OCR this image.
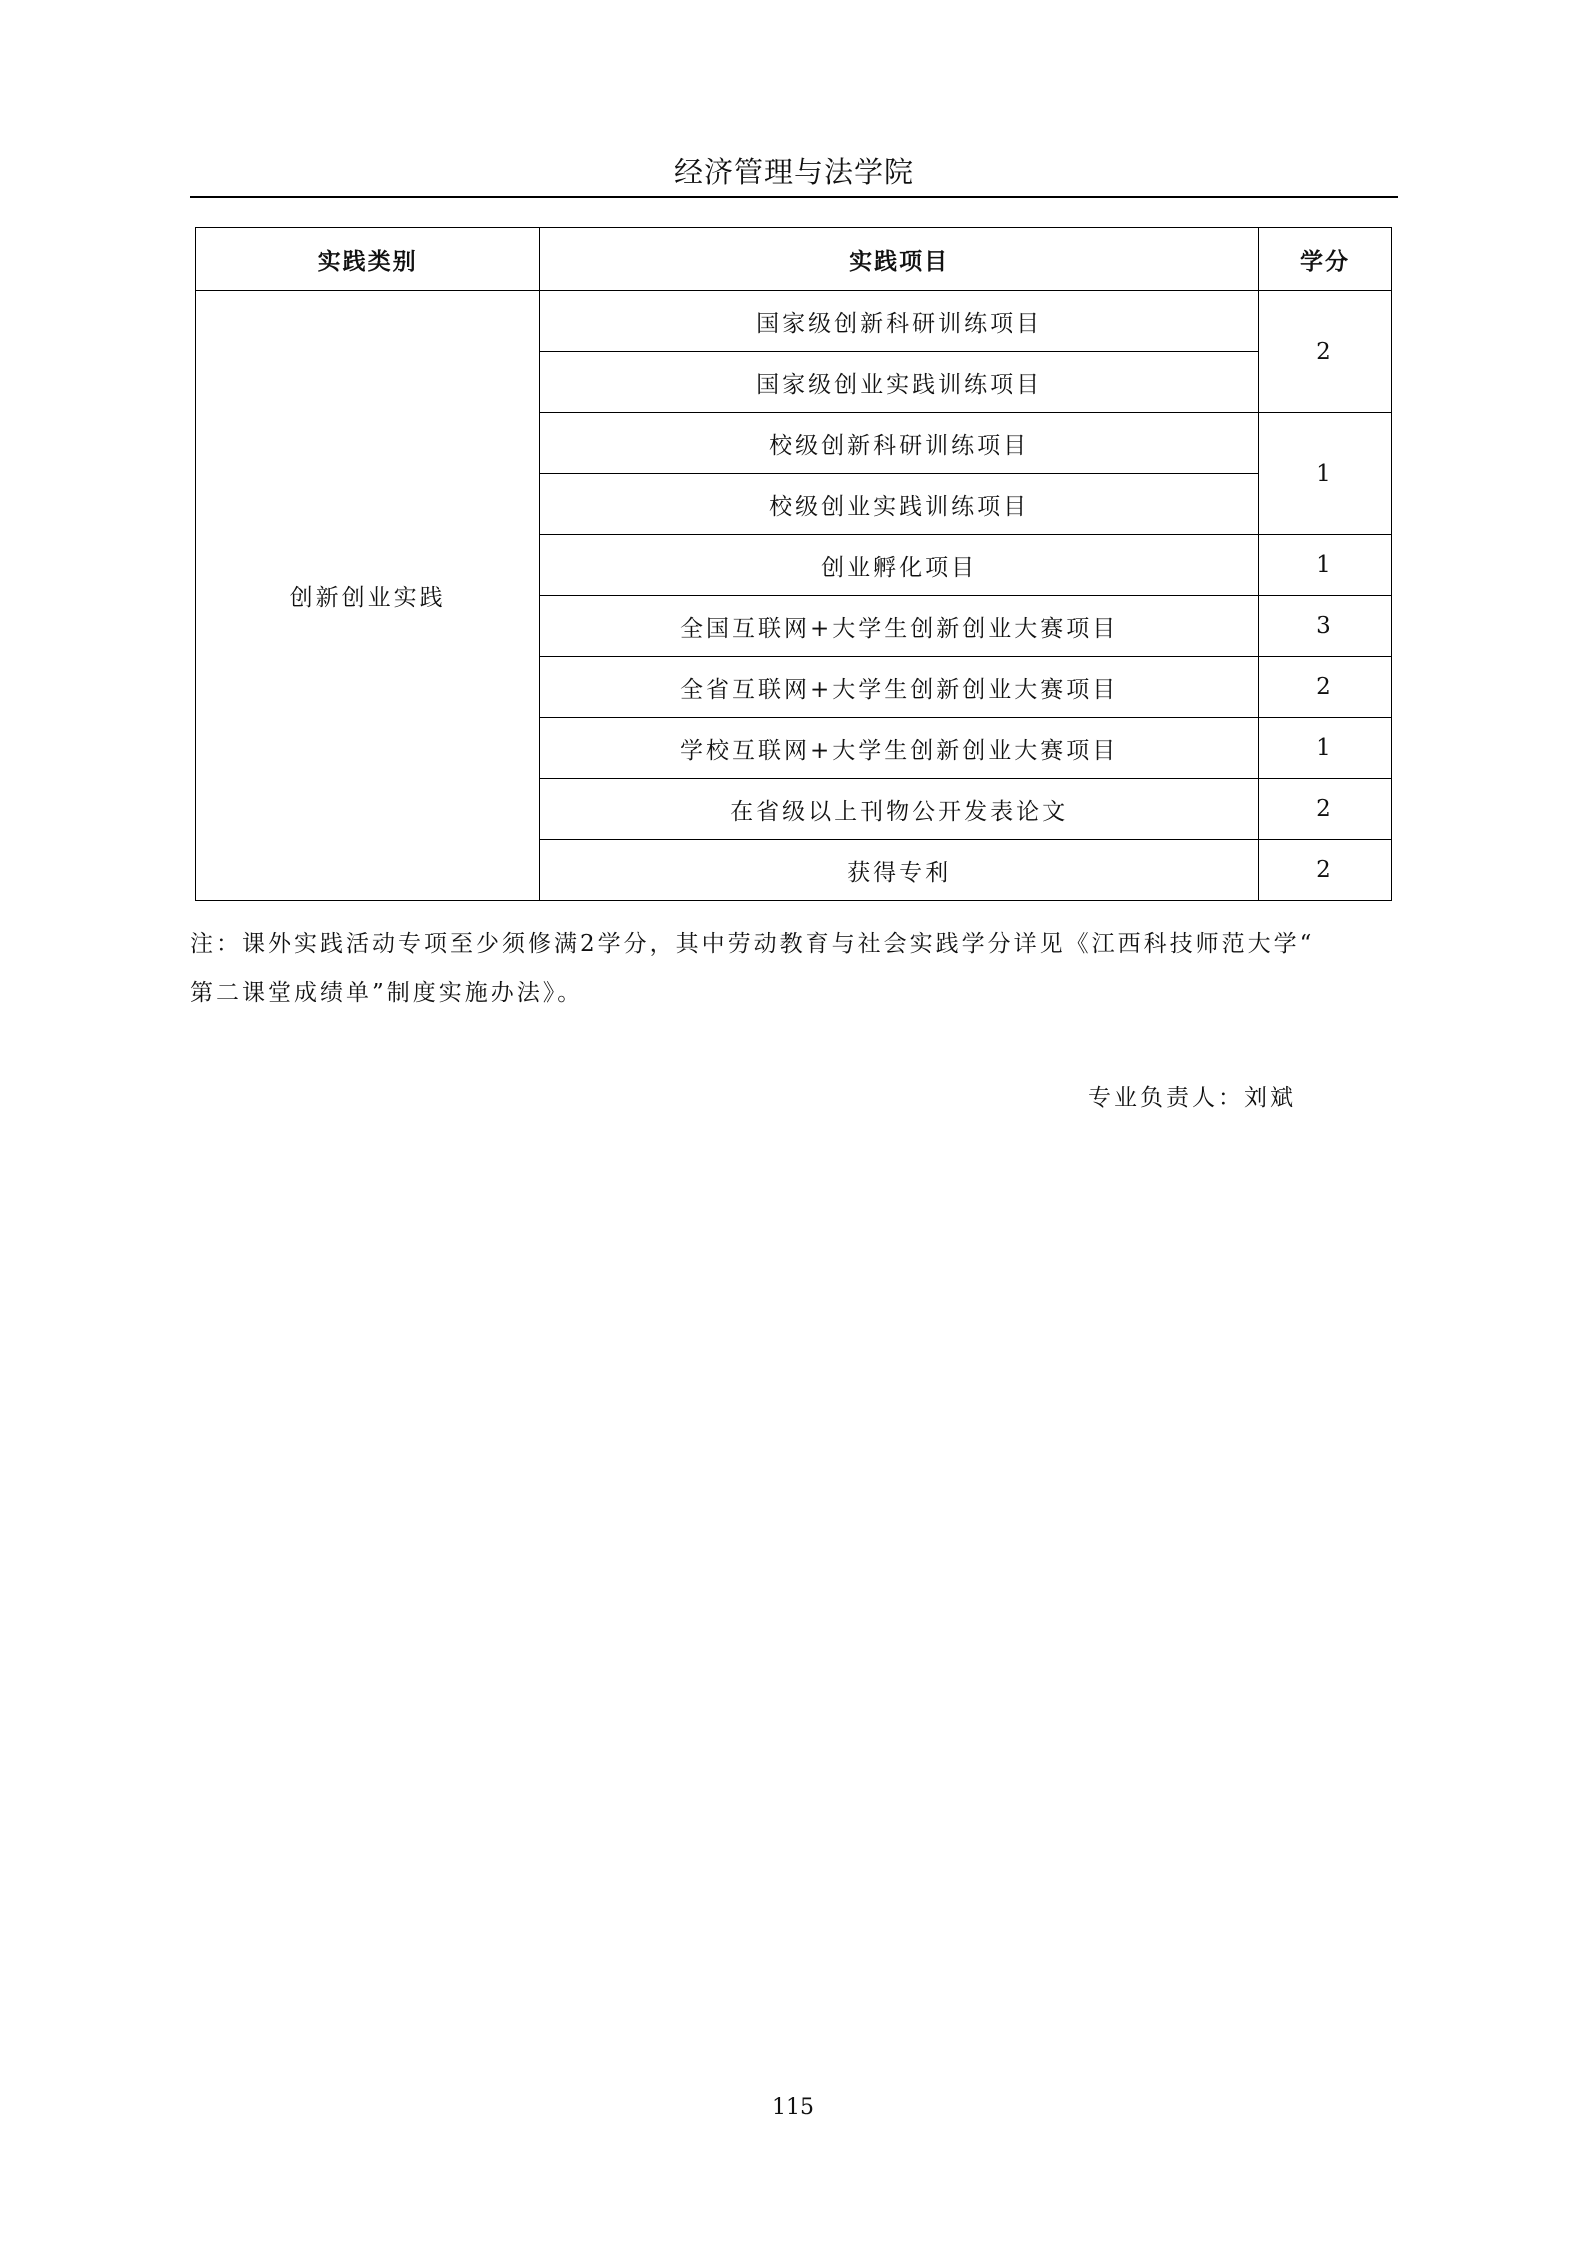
经济管理与法学院
实践类别	实践项目	学分
创新创业实践	国家级创新科研训练项目	2
	国家级创业实践训练项目	
	校级创新科研训练项目	1
	校级创业实践训练项目	
	创业孵化项目	1
	全国互联网+大学生创新创业大赛项目	3
	全省互联网+大学生创新创业大赛项目	2
	学校互联网+大学生创新创业大赛项目	1
	在省级以上刊物公开发表论文	2
	获得专利	2
注：课外实践活动专项至少须修满2学分，其中劳动教育与社会实践学分详见《江西科技师范大学“
第二课堂成绩单”制度实施办法》。
专业负责人：刘斌
115
